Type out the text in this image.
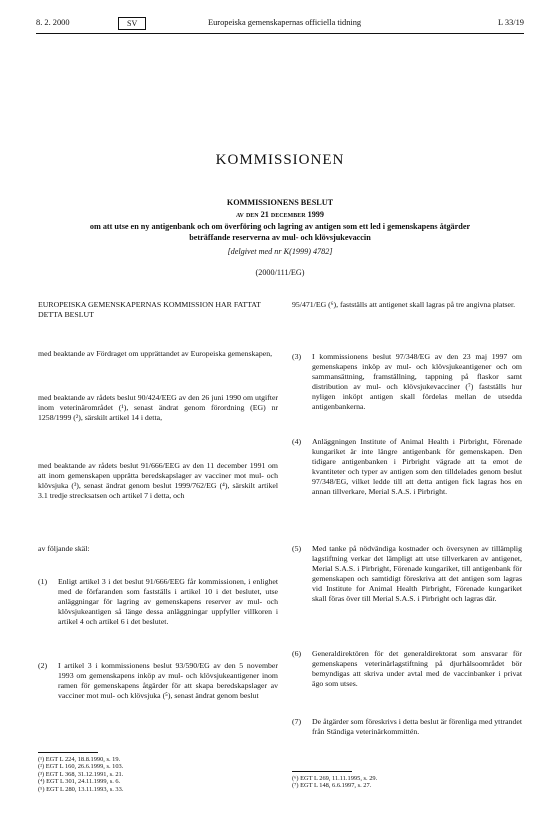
8. 2. 2000	SV	Europeiska gemenskapernas officiella tidning	L 33/19
KOMMISSIONEN
KOMMISSIONENS BESLUT
av den 21 december 1999
om att utse en ny antigenbank och om överföring och lagring av antigen som ett led i gemenskapens åtgärder beträffande reserverna av mul- och klövsjukevaccin
[delgivet med nr K(1999) 4782]
(2000/111/EG)
EUROPEISKA GEMENSKAPERNAS KOMMISSION HAR FATTAT DETTA BESLUT
med beaktande av Fördraget om upprättandet av Europeiska gemenskapen,
med beaktande av rådets beslut 90/424/EEG av den 26 juni 1990 om utgifter inom veterinärområdet (¹), senast ändrat genom förordning (EG) nr 1258/1999 (²), särskilt artikel 14 i detta,
med beaktande av rådets beslut 91/666/EEG av den 11 december 1991 om att inom gemenskapen upprätta beredskapslager av vacciner mot mul- och klövsjuka (³), senast ändrat genom beslut 1999/762/EG (⁴), särskilt artikel 3.1 tredje strecksatsen och artikel 7 i detta, och
av följande skäl:
(1)	Enligt artikel 3 i det beslut 91/666/EEG får kommissionen, i enlighet med de förfaranden som fastställs i artikel 10 i det beslutet, utse anläggningar för lagring av gemenskapens reserver av mul- och klövsjukeantigen så länge dessa anläggningar uppfyller villkoren i artikel 4 och artikel 6 i det beslutet.
(2)	I artikel 3 i kommissionens beslut 93/590/EG av den 5 november 1993 om gemenskapens inköp av mul- och klövsjukeantigener inom ramen för gemenskapens åtgärder för att skapa beredskapslager av vacciner mot mul- och klövsjuka (⁵), senast ändrat genom beslut
(¹) EGT L 224, 18.8.1990, s. 19.
(²) EGT L 160, 26.6.1999, s. 103.
(³) EGT L 368, 31.12.1991, s. 21.
(⁴) EGT L 301, 24.11.1999, s. 6.
(⁵) EGT L 280, 13.11.1993, s. 33.
95/471/EG (⁶), fastställs att antigenet skall lagras på tre angivna platser.
(3)	I kommissionens beslut 97/348/EG av den 23 maj 1997 om gemenskapens inköp av mul- och klövsjukeantigener och om sammansättning, framställning, tappning på flaskor samt distribution av mul- och klövsjukevacciner (⁷) fastställs hur nyligen inköpt antigen skall fördelas mellan de utsedda antigenbankerna.
(4)	Anläggningen Institute of Animal Health i Pirbright, Förenade kungariket är inte längre antigenbank för gemenskapen. Den tidigare antigenbanken i Pirbright vägrade att ta emot de kvantiteter och typer av antigen som den tilldelades genom beslut 97/348/EG, vilket ledde till att detta antigen fick lagras hos en annan tillverkare, Merial S.A.S. i Pirbright.
(5)	Med tanke på nödvändiga kostnader och översynen av tillämplig lagstiftning verkar det lämpligt att utse tillverkaren av antigenet, Merial S.A.S. i Pirbright, Förenade kungariket, till antigenbank för gemenskapen och samtidigt föreskriva att det antigen som lagras vid Institute for Animal Health Pirbright, Förenade kungariket skall föras över till Merial S.A.S. i Pirbright och lagras där.
(6)	Generaldirektören för det generaldirektorat som ansvarar för gemenskapens veterinärlagstiftning på djurhälsoområdet bör bemyndigas att skriva under avtal med de vaccinbanker i privat ägo som utses.
(7)	De åtgärder som föreskrivs i detta beslut är förenliga med yttrandet från Ständiga veterinärkommittén.
(⁶) EGT L 269, 11.11.1995, s. 29.
(⁷) EGT L 148, 6.6.1997, s. 27.
